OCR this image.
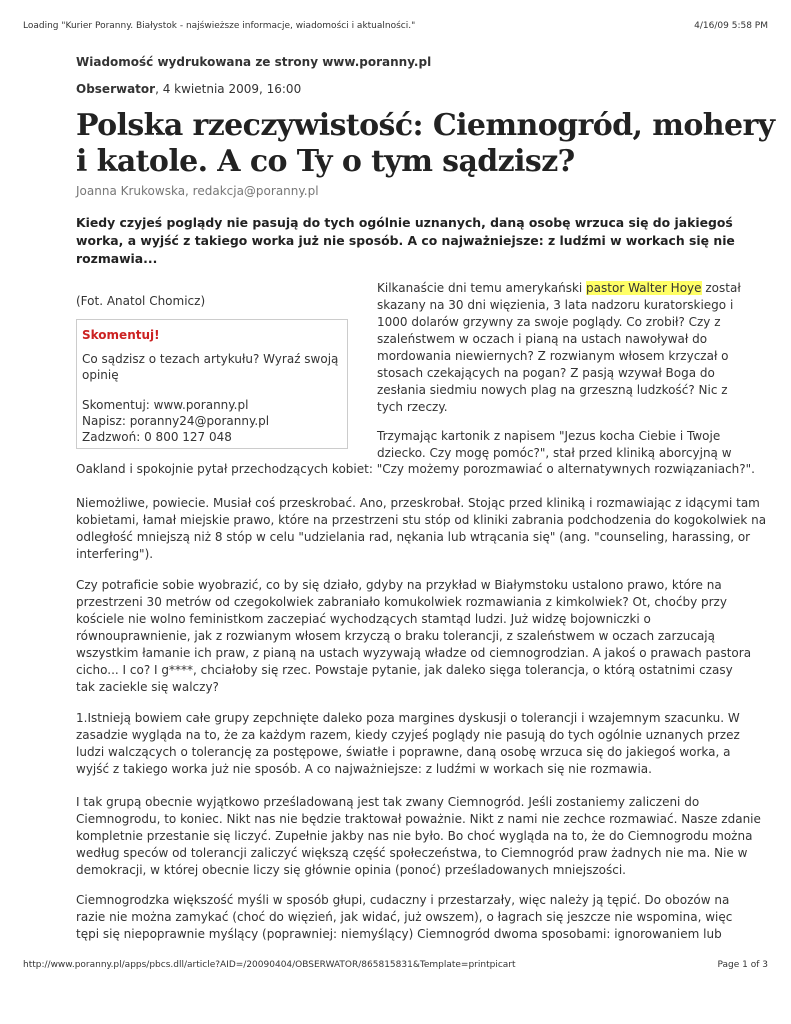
Loading "Kurier Poranny. Białystok - najświeższe informacje, wiadomości i aktualności."	4/16/09 5:58 PM
Wiadomość wydrukowana ze strony www.poranny.pl
Obserwator, 4 kwietnia 2009, 16:00
Polska rzeczywistość: Ciemnogród, mohery
i katole. A co Ty o tym sądzisz?
Joanna Krukowska, redakcja@poranny.pl
Kiedy czyjeś poglądy nie pasują do tych ogólnie uznanych, daną osobę wrzuca się do jakiegoś
worka, a wyjść z takiego worka już nie sposób. A co najważniejsze: z ludźmi w workach się nie
rozmawia...
(Fot. Anatol Chomicz)
Skomentuj!
Co sądzisz o tezach artykułu? Wyraź swoją
opinię
Skomentuj: www.poranny.pl
Napisz: poranny24@poranny.pl
Zadzwoń: 0 800 127 048
Kilkanaście dni temu amerykański pastor Walter Hoye został
skazany na 30 dni więzienia, 3 lata nadzoru kuratorskiego i
1000 dolarów grzywny za swoje poglądy. Co zrobił? Czy z
szaleństwem w oczach i pianą na ustach nawoływał do
mordowania niewiernych? Z rozwianym włosem krzyczał o
stosach czekających na pogan? Z pasją wzywał Boga do
zesłania siedmiu nowych plag na grzeszną ludzkość? Nic z
tych rzeczy.
Trzymając kartonik z napisem "Jezus kocha Ciebie i Twoje
dziecko. Czy mogę pomóc?", stał przed kliniką aborcyjną w
Oakland i spokojnie pytał przechodzących kobiet: "Czy możemy porozmawiać o alternatywnych rozwiązaniach?".
Niemożliwe, powiecie. Musiał coś przeskrobać. Ano, przeskrobał. Stojąc przed kliniką i rozmawiając z idącymi tam
kobietami, łamał miejskie prawo, które na przestrzeni stu stóp od kliniki zabrania podchodzenia do kogokolwiek na
odległość mniejszą niż 8 stóp w celu "udzielania rad, nękania lub wtrącania się" (ang. "counseling, harassing, or
interfering").
Czy potraficie sobie wyobrazić, co by się działo, gdyby na przykład w Białymstoku ustalono prawo, które na
przestrzeni 30 metrów od czegokolwiek zabraniało komukolwiek rozmawiania z kimkolwiek? Ot, choćby przy
kościele nie wolno feministkom zaczepiać wychodzących stamtąd ludzi. Już widzę bojowniczki o
równouprawnienie, jak z rozwianym włosem krzyczą o braku tolerancji, z szaleństwem w oczach zarzucają
wszystkim łamanie ich praw, z pianą na ustach wyzywają władze od ciemnogrodzian. A jakoś o prawach pastora
cicho... I co? I g****, chciałoby się rzec. Powstaje pytanie, jak daleko sięga tolerancja, o którą ostatnimi czasy
tak zaciekle się walczy?
1.Istnieją bowiem całe grupy zepchnięte daleko poza margines dyskusji o tolerancji i wzajemnym szacunku. W
zasadzie wygląda na to, że za każdym razem, kiedy czyjeś poglądy nie pasują do tych ogólnie uznanych przez
ludzi walczących o tolerancję za postępowe, światłe i poprawne, daną osobę wrzuca się do jakiegoś worka, a
wyjść z takiego worka już nie sposób. A co najważniejsze: z ludźmi w workach się nie rozmawia.
I tak grupą obecnie wyjątkowo prześladowaną jest tak zwany Ciemnogród. Jeśli zostaniemy zaliczeni do
Ciemnogrodu, to koniec. Nikt nas nie będzie traktował poważnie. Nikt z nami nie zechce rozmawiać. Nasze zdanie
kompletnie przestanie się liczyć. Zupełnie jakby nas nie było. Bo choć wygląda na to, że do Ciemnogrodu można
według speców od tolerancji zaliczyć większą część społeczeństwa, to Ciemnogród praw żadnych nie ma. Nie w
demokracji, w której obecnie liczy się głównie opinia (ponoć) prześladowanych mniejszości.
Ciemnogrodzka większość myśli w sposób głupi, cudaczny i przestarzały, więc należy ją tępić. Do obozów na
razie nie można zamykać (choć do więzień, jak widać, już owszem), o łagrach się jeszcze nie wspomina, więc
tępi się niepoprawnie myślący (poprawniej: niemyślący) Ciemnogród dwoma sposobami: ignorowaniem lub
http://www.poranny.pl/apps/pbcs.dll/article?AID=/20090404/OBSERWATOR/865815831&Template=printpicart	Page 1 of 3
